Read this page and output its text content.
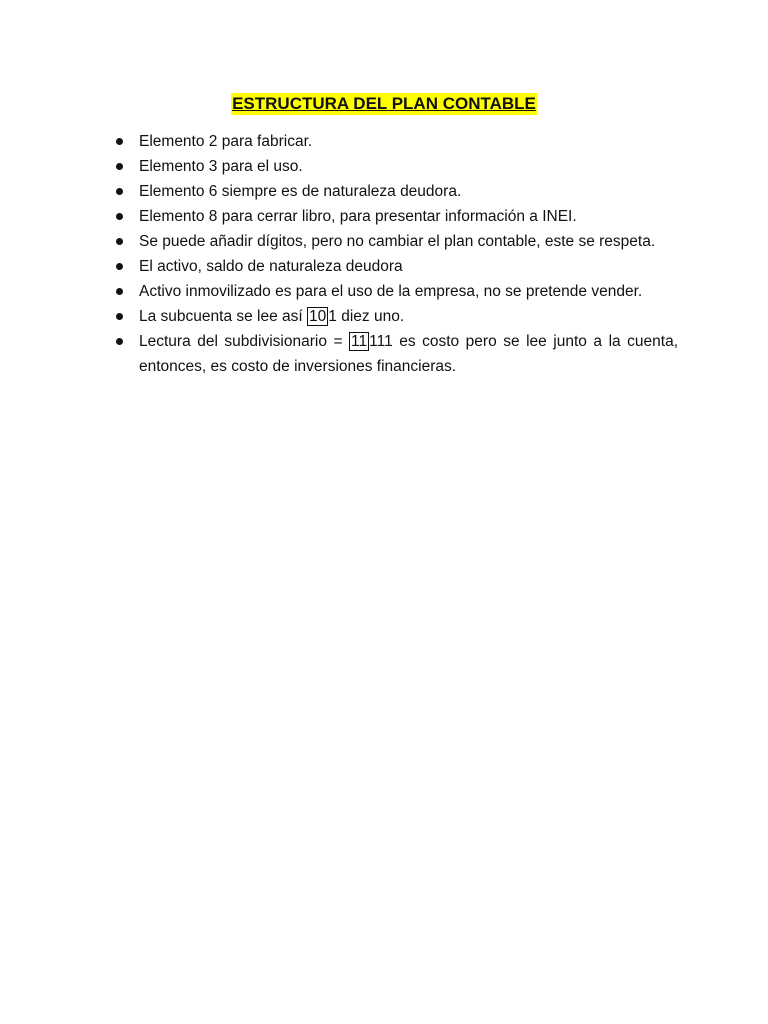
ESTRUCTURA DEL PLAN CONTABLE
Elemento 2 para fabricar.
Elemento 3 para el uso.
Elemento 6 siempre es de naturaleza deudora.
Elemento 8 para cerrar libro, para presentar información a INEI.
Se puede añadir dígitos, pero no cambiar el plan contable, este se respeta.
El activo, saldo de naturaleza deudora
Activo inmovilizado es para el uso de la empresa, no se pretende vender.
La subcuenta se lee así 10 1 diez uno.
Lectura del subdivisionario = 11 111 es costo pero se lee junto a la cuenta, entonces, es costo de inversiones financieras.
